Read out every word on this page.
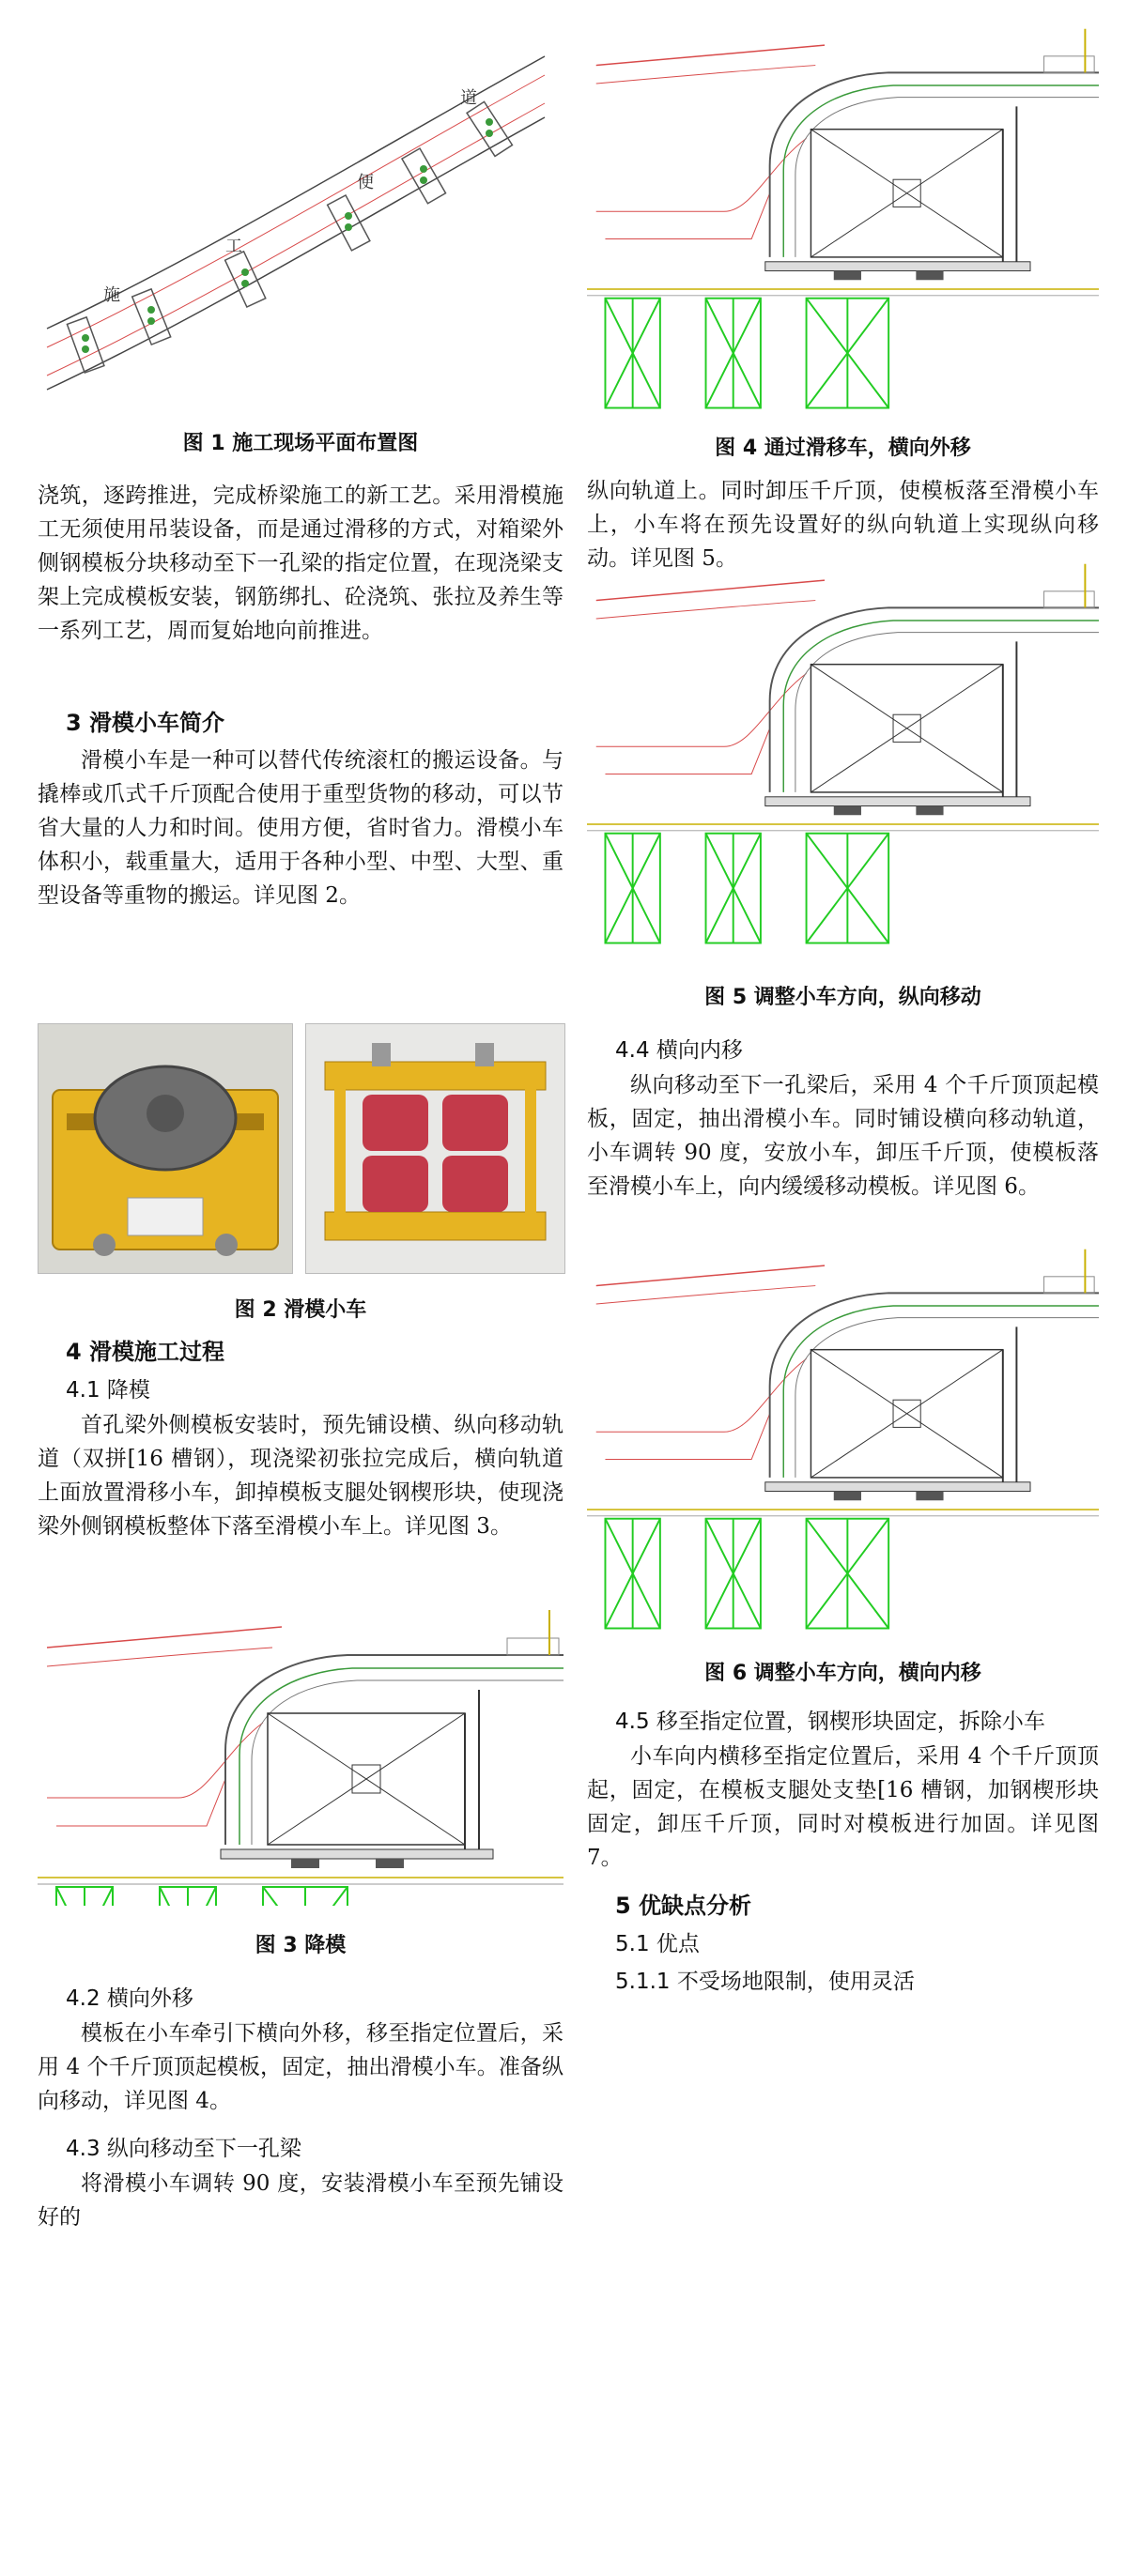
施
工
便
道
图 1 施工现场平面布置图
浇筑，逐跨推进，完成桥梁施工的新工艺。采用滑模施工无须使用吊装设备，而是通过滑移的方式，对箱梁外侧钢模板分块移动至下一孔梁的指定位置，在现浇梁支架上完成模板安装，钢筋绑扎、砼浇筑、张拉及养生等一系列工艺，周而复始地向前推进。
3 滑模小车简介
滑模小车是一种可以替代传统滚杠的搬运设备。与撬棒或爪式千斤顶配合使用于重型货物的移动，可以节省大量的人力和时间。使用方便，省时省力。滑模小车体积小，载重量大，适用于各种小型、中型、大型、重型设备等重物的搬运。详见图 2。
图 2 滑模小车
4 滑模施工过程
4.1 降模
首孔梁外侧模板安装时，预先铺设横、纵向移动轨道（双拼[16 槽钢），现浇梁初张拉完成后，横向轨道上面放置滑移小车，卸掉模板支腿处钢楔形块，使现浇梁外侧钢模板整体下落至滑模小车上。详见图 3。
图 3 降模
4.2 横向外移
模板在小车牵引下横向外移，移至指定位置后，采用 4 个千斤顶顶起模板，固定，抽出滑模小车。准备纵向移动，详见图 4。
4.3 纵向移动至下一孔梁
将滑模小车调转 90 度，安装滑模小车至预先铺设好的
图 4 通过滑移车，横向外移
纵向轨道上。同时卸压千斤顶，使模板落至滑模小车上，小车将在预先设置好的纵向轨道上实现纵向移动。详见图 5。
图 5 调整小车方向，纵向移动
4.4 横向内移
纵向移动至下一孔梁后，采用 4 个千斤顶顶起模板，固定，抽出滑模小车。同时铺设横向移动轨道，小车调转 90 度，安放小车，卸压千斤顶，使模板落至滑模小车上，向内缓缓移动模板。详见图 6。
图 6 调整小车方向，横向内移
4.5 移至指定位置，钢楔形块固定，拆除小车
小车向内横移至指定位置后，采用 4 个千斤顶顶起，固定，在模板支腿处支垫[16 槽钢，加钢楔形块固定，卸压千斤顶，同时对模板进行加固。详见图 7。
5 优缺点分析
5.1 优点
5.1.1 不受场地限制，使用灵活
